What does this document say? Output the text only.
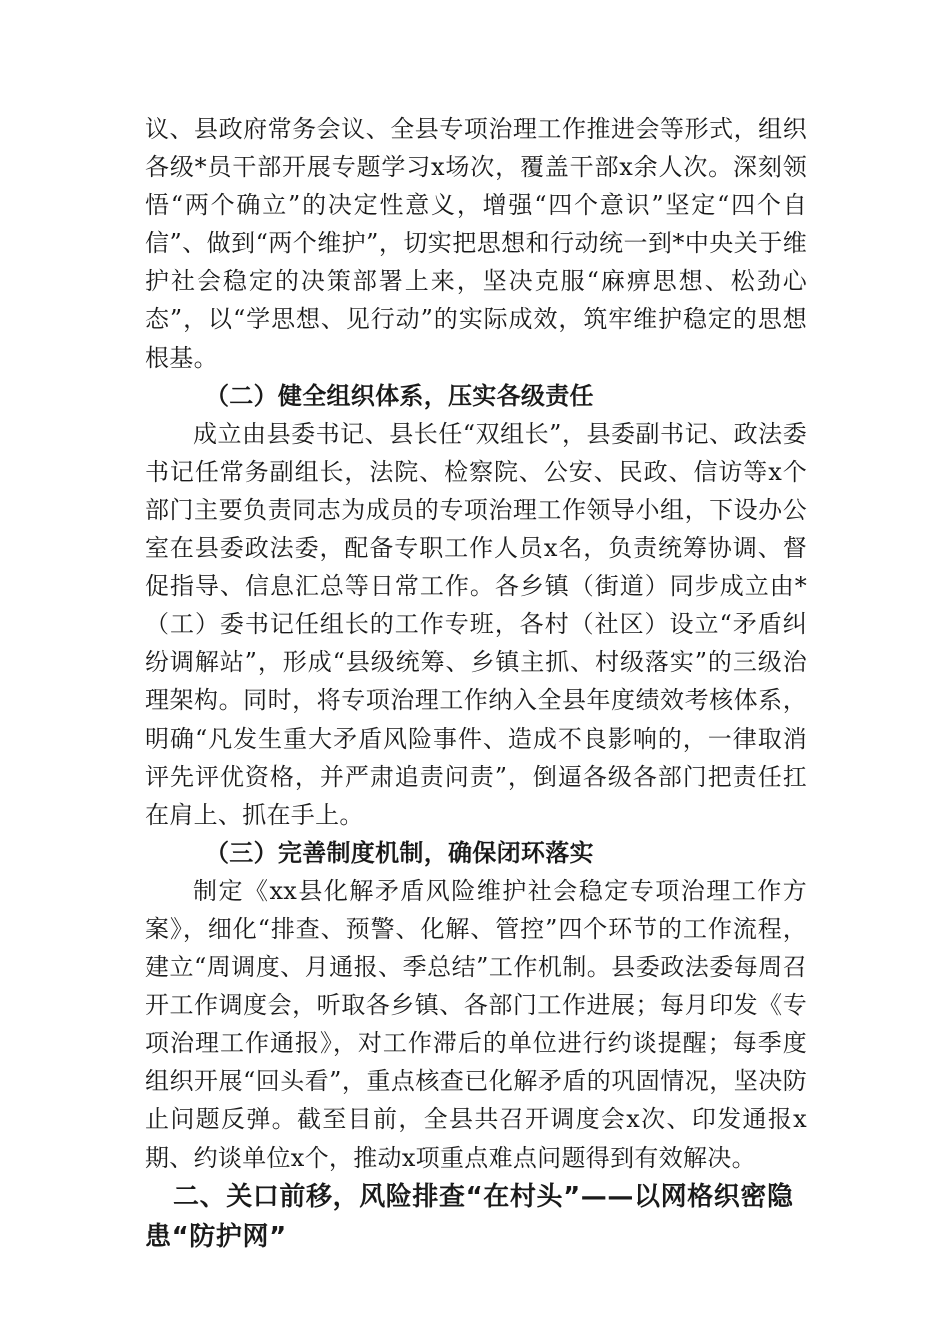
议、县政府常务会议、全县专项治理工作推进会等形式，组织各级*员干部开展专题学习x场次，覆盖干部x余人次。深刻领悟“两个确立”的决定性意义，增强“四个意识”坚定“四个自信”、做到“两个维护”，切实把思想和行动统一到*中央关于维护社会稳定的决策部署上来，坚决克服“麻痹思想、松劲心态”，以“学思想、见行动”的实际成效，筑牢维护稳定的思想根基。

（二）健全组织体系，压实各级责任

成立由县委书记、县长任“双组长”，县委副书记、政法委书记任常务副组长，法院、检察院、公安、民政、信访等x个部门主要负责同志为成员的专项治理工作领导小组，下设办公室在县委政法委，配备专职工作人员x名，负责统筹协调、督促指导、信息汇总等日常工作。各乡镇（街道）同步成立由*（工）委书记任组长的工作专班，各村（社区）设立“矛盾纠纷调解站”，形成“县级统筹、乡镇主抓、村级落实”的三级治理架构。同时，将专项治理工作纳入全县年度绩效考核体系，明确“凡发生重大矛盾风险事件、造成不良影响的，一律取消评先评优资格，并严肃追责问责”，倒逼各级各部门把责任扛在肩上、抓在手上。

（三）完善制度机制，确保闭环落实

制定《xx县化解矛盾风险维护社会稳定专项治理工作方案》，细化“排查、预警、化解、管控”四个环节的工作流程，建立“周调度、月通报、季总结”工作机制。县委政法委每周召开工作调度会，听取各乡镇、各部门工作进展；每月印发《专项治理工作通报》，对工作滞后的单位进行约谈提醒；每季度组织开展“回头看”，重点核查已化解矛盾的巩固情况，坚决防止问题反弹。截至目前，全县共召开调度会x次、印发通报x期、约谈单位x个，推动x项重点难点问题得到有效解决。

二、关口前移，风险排查“在村头”——以网格织密隐患“防护网”
